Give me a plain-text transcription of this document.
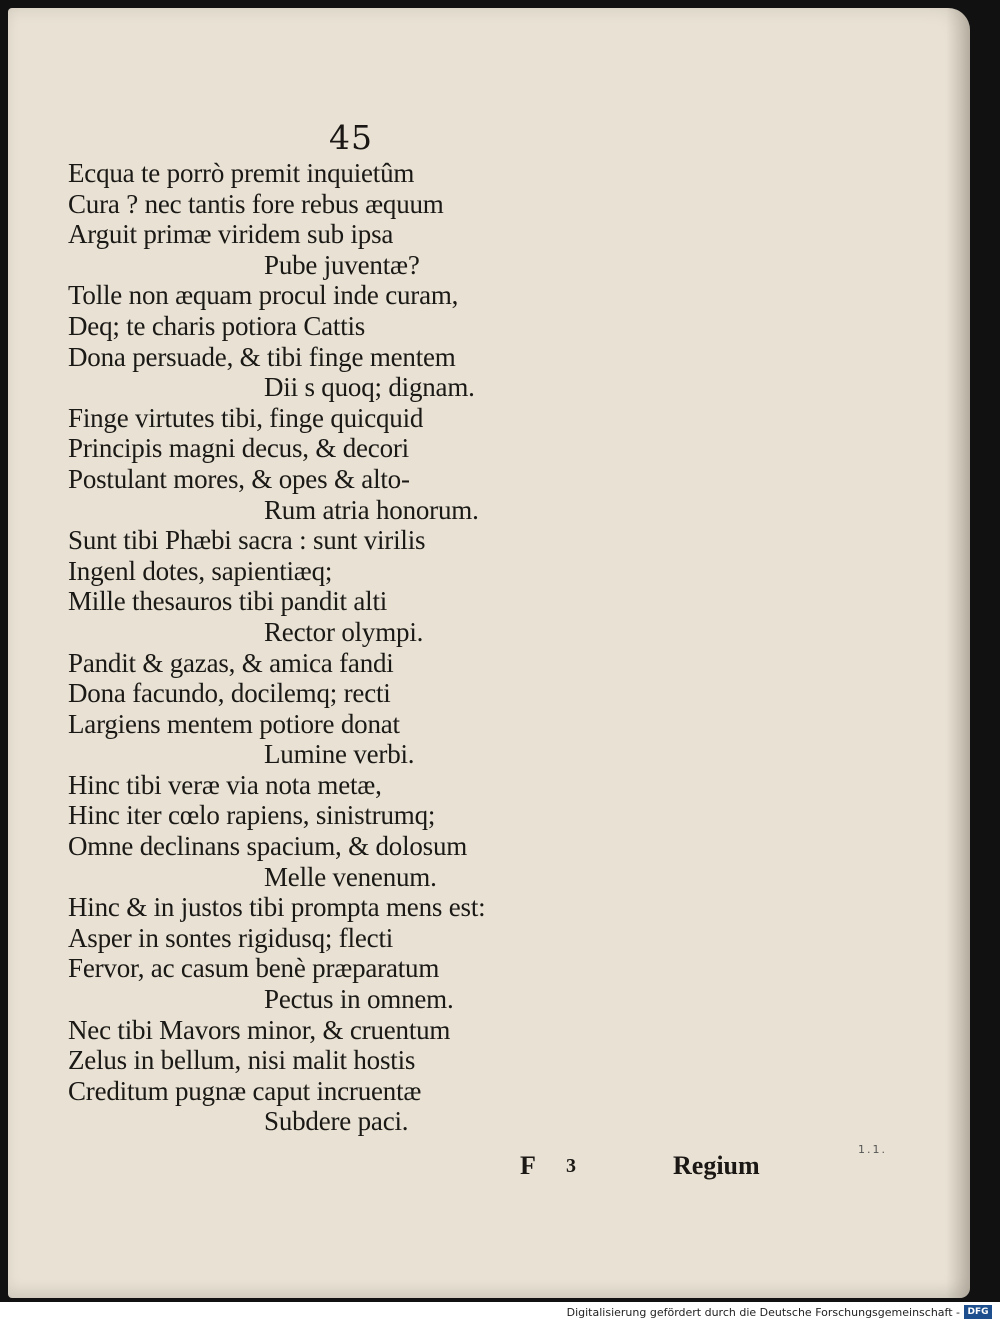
45
Ecqua te porrò premit inquietûm
Cura ? nec tantis fore rebus æquum
Arguit primæ viridem sub ipsa
Pube juventæ?
Tolle non æquam procul inde curam,
Deq; te charis potiora Cattis
Dona persuade, & tibi finge mentem
Dii s quoq; dignam.
Finge virtutes tibi, finge quicquid
Principis magni decus, & decori
Postulant mores, & opes & alto-
Rum atria honorum.
Sunt tibi Phæbi sacra : sunt virilis
Ingenl dotes, sapientiæq;
Mille thesauros tibi pandit alti
Rector olympi.
Pandit & gazas, & amica fandi
Dona facundo, docilemq; recti
Largiens mentem potiore donat
Lumine verbi.
Hinc tibi veræ via nota metæ,
Hinc iter cœlo rapiens, sinistrumq;
Omne declinans spacium, & dolosum
Melle venenum.
Hinc & in justos tibi prompta mens est:
Asper in sontes rigidusq; flecti
Fervor, ac casum benè præparatum
Pectus in omnem.
Nec tibi Mavors minor, & cruentum
Zelus in bellum, nisi malit hostis
Creditum pugnæ caput incruentæ
Subdere paci.
F 3	Regium
1.1.
Digitalisierung gefördert durch die Deutsche Forschungsgemeinschaft - DFG
